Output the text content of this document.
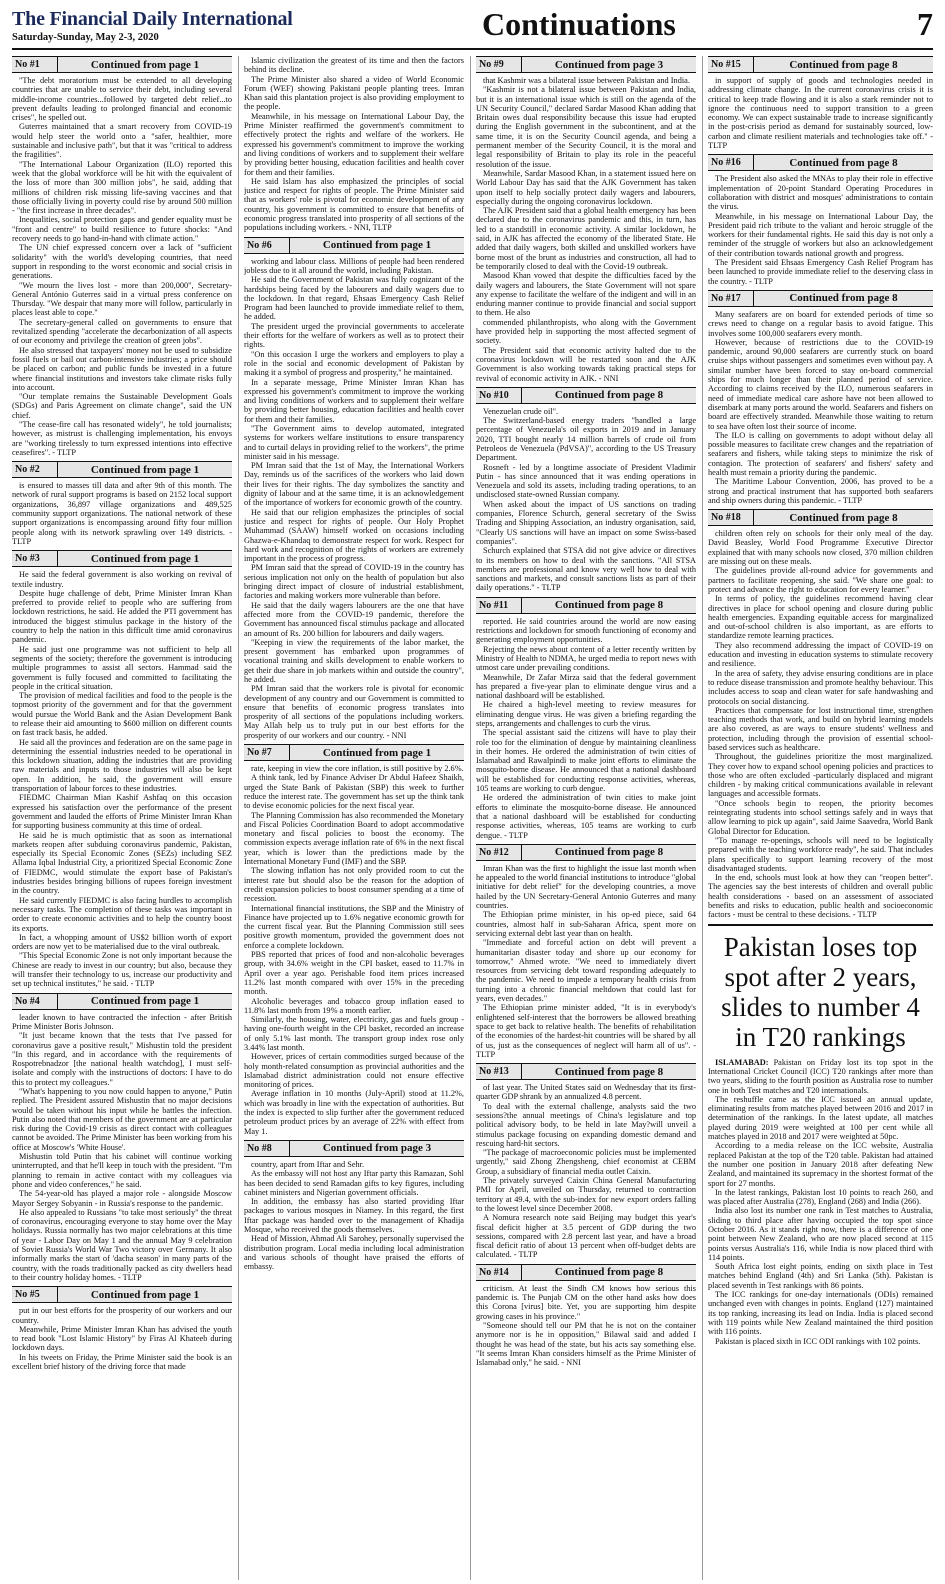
The Financial Daily International
Saturday-Sunday, May 2-3, 2020	Continuations	7
No #1	Continued from page 1

"The debt moratorium must be extended to all developing countries that are unable to service their debt, including several middle-income countries...followed by targeted debt relief...to prevent defaults leading to prolonged financial and economic crises", he spelled out.

Guterres maintained that a smart recovery from COVID-19 would help steer the world onto a "safer, healthier, more sustainable and inclusive path", but that it was "critical to address the fragilities".

"The International Labour Organization (ILO) reported this week that the global workforce will be hit with the equivalent of the loss of more than 300 million jobs", he said, adding that millions of children risk missing life-saving vaccines and that those officially living in poverty could rise by around 500 million - "the first increase in three decades".

Inequalities, social protection gaps and gender equality must be "front and centre" to build resilience to future shocks: "And recovery needs to go hand-in-hand with climate action."

The UN chief expressed concern over a lack of "sufficient solidarity" with the world's developing countries, that need support in responding to the worst economic and social crisis in generations.

"We mourn the lives lost - more than 200,000", Secretary-General António Guterres said in a virtual press conference on Thursday. "We despair that many more will follow, particularly in places least able to cope."

The secretary-general called on governments to ensure that revitalized spending "accelerate the decarbonization of all aspects of our economy and privilege the creation of green jobs".

He also stressed that taxpayers' money not be used to subsidize fossil fuels or bail out carbon-intensive industries; a price should be placed on carbon; and public funds be invested in a future where financial institutions and investors take climate risks fully into account.

"Our template remains the Sustainable Development Goals (SDGs) and Paris Agreement on climate change", said the UN chief.

"The cease-fire call has resonated widely", he told journalists; however, as mistrust is challenging implementation, his envoys are "working tirelessly to turn expressed intentions into effective ceasefires". - TLTP

No #2	Continued from page 1

is ensured to masses till data and after 9th of this month. The network of rural support programs is based on 2152 local support organizations, 36,897 village organizations and 489,525 community support organizations. The national network of these support organizations is encompassing around fifty four million people along with its network sprawling over 149 districts. - TLTP

No #3	Continued from page 1

He said the federal government is also working on revival of textile industry.

Despite huge challenge of debt, Prime Minister Imran Khan preferred to provide relief to people who are suffering from lockdown restrictions, he said. He added the PTI government has introduced the biggest stimulus package in the history of the country to help the nation in this difficult time amid coronavirus pandemic.

He said just one programme was not sufficient to help all segments of the society; therefore the government is introducing multiple programmes to assist all sectors. Hammad said the government is fully focused and committed to facilitating the people in the critical situation.

The provision of medical facilities and food to the people is the topmost priority of the government and for that the government would pursue the World Bank and the Asian Development Bank to release their aid amounting to $600 million on different counts on fast track basis, he added.

He said all the provinces and federation are on the same page in determining the essential industries needed to be operational in this lockdown situation, adding the industries that are providing raw materials and inputs to those industries will also be kept open. In addition, he said, the government will ensure transportation of labour forces to these industries.

FIEDMC Chairman Mian Kashif Ashfaq on this occasion expressed his satisfaction over the performance of the present government and lauded the efforts of Prime Minister Imran Khan for supporting business community at this time of ordeal.

He said he is much optimistic that as soon as international markets reopen after subduing coronavirus pandemic, Pakistan, especially its Special Economic Zones (SEZs) including SEZ Allama Iqbal Industrial City, a prioritized Special Economic Zone of FIEDMC, would stimulate the export base of Pakistan's industries besides bringing billions of rupees foreign investment in the country.

He said currently FIEDMC is also facing hurdles to accomplish necessary tasks. The completion of these tasks was important in order to create economic activities and to help the country boost its exports.

In fact, a whopping amount of US$2 billion worth of export orders are now yet to be materialised due to the viral outbreak.

"This Special Economic Zone is not only important because the Chinese are ready to invest in our country; but also, because they will transfer their technology to us, increase our productivity and set up technical institutes," he said. - TLTP

No #4	Continued from page 1

leader known to have contracted the infection - after British Prime Minister Boris Johnson.

"It just became known that the tests that I've passed for coronavirus gave a positive result," Mishustin told the president "In this regard, and in accordance with the requirements of Rospotrebnadzor [the national health watchdog], I must self-isolate and comply with the instructions of doctors: I have to do this to protect my colleagues."

"What's happening to you now could happen to anyone," Putin replied. The President assured Mishustin that no major decisions would be taken without his input while he battles the infection. Putin also noted that members of the government are at particular risk during the Covid-19 crisis as direct contact with colleagues cannot be avoided. The Prime Minister has been working from his office at Moscow's 'White House'.

Mishustin told Putin that his cabinet will continue working uninterrupted, and that he'll keep in touch with the president. "I'm planning to remain in active contact with my colleagues via phone and video conferences," he said.

The 54-year-old has played a major role - alongside Moscow Mayor Sergey Sobyanin - in Russia's response to the pandemic.

He also appealed to Russians "to take most seriously" the threat of coronavirus, encouraging everyone to stay home over the May holidays. Russia normally has two major celebrations at this time of year - Labor Day on May 1 and the annual May 9 celebration of Soviet Russia's World War Two victory over Germany. It also informally marks the start of 'dacha season' in many parts of the country, with the roads traditionally packed as city dwellers head to their country holiday homes. - TLTP

No #5	Continued from page 1

put in our best efforts for the prosperity of our workers and our country.

Meanwhile, Prime Minister Imran Khan has advised the youth to read book "Lost Islamic History" by Firas Al Khateeb during lockdown days.

In his tweets on Friday, the Prime Minister said the book is an excellent brief history of the driving force that made

Islamic civilization the greatest of its time and then the factors behind its decline.

The Prime Minister also shared a video of World Economic Forum (WEF) showing Pakistani people planting trees. Imran Khan said this plantation project is also providing employment to the people.

Meanwhile, in his message on International Labour Day, the Prime Minister reaffirmed the government's commitment to effectively protect the rights and welfare of the workers. He expressed his government's commitment to improve the working and living conditions of workers and to supplement their welfare by providing better housing, education facilities and health cover for them and their families.

He said Islam has also emphasized the principles of social justice and respect for rights of people. The Prime Minister said that as workers' role is pivotal for economic development of any country, his government is committed to ensure that benefits of economic progress translated into prosperity of all sections of the populations including workers. - NNI, TLTP

No #6	Continued from page 1

working and labour class. Millions of people had been rendered jobless due to it all around the world, including Pakistan.

He said the Government of Pakistan was fully cognizant of the hardships being faced by the labourers and daily wagers due to the lockdown. In that regard, Ehsaas Emergency Cash Relief Program had been launched to provide immediate relief to them, he added.

The president urged the provincial governments to accelerate their efforts for the welfare of workers as well as to protect their rights.

"On this occasion I urge the workers and employers to play a role in the social and economic development of Pakistan by making it a symbol of progress and prosperity," he maintained.

In a separate message, Prime Minister Imran Khan has expressed his government's commitment to improve the working and living conditions of workers and to supplement their welfare by providing better housing, education facilities and health cover for them and their families.

"The Government aims to develop automated, integrated systems for workers welfare institutions to ensure transparency and to curtail delays in providing relief to the workers", the prime minister said in his message.

PM Imran said that the 1st of May, the International Workers Day, reminds us of the sacrifices of the workers who laid down their lives for their rights. The day symbolizes the sanctity and dignity of labour and at the same time, it is an acknowledgement of the importance of workers for economic growth of the country.

He said that our religion emphasizes the principles of social justice and respect for rights of people. Our Holy Prophet Muhammad (SAAW) himself worked on occasions including Ghazwa-e-Khandaq to demonstrate respect for work. Respect for hard work and recognition of the rights of workers are extremely important in the process of progress.

PM Imran said that the spread of COVID-19 in the country has serious implication not only on the health of population but also bringing direct impact of closure of industrial establishment, factories and making workers more vulnerable than before.

He said that the daily wagers labourers are the one that have affected more from the COVID-19 pandemic, therefore the Government has announced fiscal stimulus package and allocated an amount of Rs. 200 billion for labourers and daily wagers.

"Keeping in view the requirements of the labor market, the present government has embarked upon programmes of vocational training and skills development to enable workers to get their due share in job markets within and outside the country", he added.

PM Imran said that the workers role is pivotal for economic development of any country and our Government is committed to ensure that benefits of economic progress translates into prosperity of all sections of the populations including workers. May Allah help us to truly put in our best efforts for the prosperity of our workers and our country. - NNI

No #7	Continued from page 1

rate, keeping in view the core inflation, is still positive by 2.6%.

A think tank, led by Finance Adviser Dr Abdul Hafeez Shaikh, urged the State Bank of Pakistan (SBP) this week to further reduce the interest rate. The government has set up the think tank to devise economic policies for the next fiscal year.

The Planning Commission has also recommended the Monetary and Fiscal Policies Coordination Board to adopt accommodative monetary and fiscal policies to boost the economy. The commission expects average inflation rate of 6% in the next fiscal year, which is lower than the predictions made by the International Monetary Fund (IMF) and the SBP.

The slowing inflation has not only provided room to cut the interest rate but should also be the reason for the adoption of credit expansion policies to boost consumer spending at a time of recession.

International financial institutions, the SBP and the Ministry of Finance have projected up to 1.6% negative economic growth for the current fiscal year. But the Planning Commission still sees positive growth momentum, provided the government does not enforce a complete lockdown.

PBS reported that prices of food and non-alcoholic beverages group, with 34.6% weight in the CPI basket, eased to 11.7% in April over a year ago. Perishable food item prices increased 11.2% last month compared with over 15% in the preceding month.

Alcoholic beverages and tobacco group inflation eased to 11.8% last month from 19% a month earlier.

Similarly, the housing, water, electricity, gas and fuels group - having one-fourth weight in the CPI basket, recorded an increase of only 5.1% last month. The transport group index rose only 3.44% last month.

However, prices of certain commodities surged because of the holy month-related consumption as provincial authorities and the Islamabad district administration could not ensure effective monitoring of prices.

Average inflation in 10 months (July-April) stood at 11.2%, which was broadly in line with the expectation of authorities. But the index is expected to slip further after the government reduced petroleum product prices by an average of 22% with effect from May 1.

No #8	Continued from page 3

country, apart from Iftar and Sehr.

As the embassy will not host any Iftar party this Ramazan, Sohl has been decided to send Ramadan gifts to key figures, including cabinet ministers and Nigerian government officials.

In addition, the embassy has also started providing Iftar packages to various mosques in Niamey. In this regard, the first Iftar package was handed over to the management of Khadija Mosque, who received the goods themselves.

Head of Mission, Ahmad Ali Sarohey, personally supervised the distribution program. Local media including local administration and various schools of thought have praised the efforts of embassy.

No #9	Continued from page 3

that Kashmir was a bilateral issue between Pakistan and India.

"Kashmir is not a bilateral issue between Pakistan and India, but it is an international issue which is still on the agenda of the UN Security Council," declared Sardar Masood Khan adding that Britain owes dual responsibility because this issue had erupted during the English government in the subcontinent, and at the same time, it is on the Security Council agenda, and being a permanent member of the Security Council, it is the moral and legal responsibility of Britain to play its role in the peaceful resolution of the issue.

Meanwhile, Sardar Masood Khan, in a statement issued here on World Labour Day has said that the AJK Government has taken upon itself to help socially protect daily wagers and labourers, especially during the ongoing coronavirus lockdown.

The AJK President said that a global health emergency has been declared due to the coronavirus pandemic and this, in turn, has led to a standstill in economic activity. A similar lockdown, he said, in AJK has affected the economy of the liberated State. He added that daily wagers, both skilled and unskilled workers have borne most of the brunt as industries and construction, all had to be temporarily closed to deal with the Covid-19 outbreak.

Masood Khan vowed that despite the difficulties faced by the daily wagers and labourers, the State Government will not spare any expense to facilitate the welfare of the indigent and will in an enduring manner continue to provide financial and social support to them. He also

commended philanthropists, who along with the Government have provided help in supporting the most affected segment of society.

The President said that economic activity halted due to the coronavirus lockdown will be restarted soon and the AJK Government is also working towards taking practical steps for revival of economic activity in AJK. - NNI

No #10	Continued from page 8

Venezuelan crude oil".

The Switzerland-based energy traders "handled a large percentage of Venezuela's oil exports in 2019 and in January 2020, TTI bought nearly 14 million barrels of crude oil from Petroleos de Venezuela (PdVSA)", according to the US Treasury Department.

Rosneft - led by a longtime associate of President Vladimir Putin - has since announced that it was ending operations in Venezuela and sold its assets, including trading operations, to an undisclosed state-owned Russian company.

When asked about the impact of US sanctions on trading companies, Florence Schurch, general secretary of the Swiss Trading and Shipping Association, an industry organisation, said, "Clearly US sanctions will have an impact on some Swiss-based companies".

Schurch explained that STSA did not give advice or directives to its members on how to deal with the sanctions. "All STSA members are professional and know very well how to deal with sanctions and markets, and consult sanctions lists as part of their daily operations." - TLTP

No #11	Continued from page 8

reported. He said countries around the world are now easing restrictions and lockdown for smooth functioning of economy and generating employment opportunities.

Rejecting the news about content of a letter recently written by Ministry of Health to NDMA, he urged media to report news with utmost care under prevailing conditions.

Meanwhile, Dr Zafar Mirza said that the federal government has prepared a five-year plan to eliminate dengue virus and a national dashboard will be established.

He chaired a high-level meeting to review measures for eliminating dengue virus. He was given a briefing regarding the steps, arrangements and challenges to curb the virus.

The special assistant said the citizens will have to play their role too for the elimination of dengue by maintaining cleanliness in their homes. He ordered the administration of twin cities of Islamabad and Rawalpindi to make joint efforts to eliminate the mosquito-borne disease. He announced that a national dashboard will be established for conducting response activities, whereas, 105 teams are working to curb dengue.

He ordered the administration of twin cities to make joint efforts to eliminate the mosquito-borne disease. He announced that a national dashboard will be established for conducting response activities, whereas, 105 teams are working to curb dengue. - TLTP

No #12	Continued from page 8

Imran Khan was the first to highlight the issue last month when he appealed to the world financial institutions to introduce "global initiative for debt relief" for the developing countries, a move hailed by the UN Secretary-General Antonio Guterres and many countries.

The Ethiopian prime minister, in his op-ed piece, said 64 countries, almost half in sub-Saharan Africa, spent more on servicing external debt last year than on health.

"Immediate and forceful action on debt will prevent a humanitarian disaster today and shore up our economy for tomorrow," Ahmed wrote. "We need to immediately divert resources from servicing debt toward responding adequately to the pandemic. We need to impede a temporary health crisis from turning into a chronic financial meltdown that could last for years, even decades."

The Ethiopian prime minister added, "It is in everybody's enlightened self-interest that the borrowers be allowed breathing space to get back to relative health. The benefits of rehabilitation of the economies of the hardest-hit countries will be shared by all of us, just as the consequences of neglect will harm all of us". - TLTP

No #13	Continued from page 8

of last year. The United States said on Wednesday that its first-quarter GDP shrank by an annualized 4.8 percent.

To deal with the external challenge, analysts said the two sessions?the annual meetings of China's legislature and top political advisory body, to be held in late May?will unveil a stimulus package focusing on expanding domestic demand and rescuing hard-hit sectors.

"The package of macroeconomic policies must be implemented urgently," said Zhong Zhengsheng, chief economist at CEBM Group, a subsidiary of financial media outlet Caixin.

The privately surveyed Caixin China General Manufacturing PMI for April, unveiled on Thursday, returned to contraction territory at 49.4, with the sub-index for new export orders falling to the lowest level since December 2008.

A Nomura research note said Beijing may budget this year's fiscal deficit higher at 3.5 percent of GDP during the two sessions, compared with 2.8 percent last year, and have a broad fiscal deficit ratio of about 13 percent when off-budget debts are calculated. - TLTP

No #14	Continued from page 8

criticism. At least the Sindh CM knows how serious this pandemic is. The Punjab CM on the other hand asks how does this Corona [virus] bite. Yet, you are supporting him despite growing cases in his province."

"Someone should tell our PM that he is not on the container anymore nor is he in opposition," Bilawal said and added I thought he was head of the state, but his acts say something else. "It seems Imran Khan considers himself as the Prime Minister of Islamabad only," he said. - NNI

No #15	Continued from page 8

in support of supply of goods and technologies needed in addressing climate change. In the current coronavirus crisis it is critical to keep trade flowing and it is also a stark reminder not to ignore the continuous need to support transition to a green economy. We can expect sustainable trade to increase significantly in the post-crisis period as demand for sustainably sourced, low-carbon and climate resilient materials and technologies take off." - TLTP

No #16	Continued from page 8

The President also asked the MNAs to play their role in effective implementation of 20-point Standard Operating Procedures in collaboration with district and mosques' administrations to contain the virus.

Meanwhile, in his message on International Labour Day, the President paid rich tribute to the valiant and heroic struggle of the workers for their fundamental rights. He said this day is not only a reminder of the struggle of workers but also an acknowledgement of their contribution towards national growth and progress.

The President said Ehsaas Emergency Cash Relief Program has been launched to provide immediate relief to the deserving class in the country. - TLTP

No #17	Continued from page 8

Many seafarers are on board for extended periods of time so crews need to change on a regular basis to avoid fatigue. This involves some 100,000 seafarers every month.

However, because of restrictions due to the COVID-19 pandemic, around 90,000 seafarers are currently stuck on board cruise ships without passengers and sometimes even without pay. A similar number have been forced to stay on-board commercial ships for much longer than their planned period of service. According to claims received by the ILO, numerous seafarers in need of immediate medical care ashore have not been allowed to disembark at many ports around the world. Seafarers and fishers on board are effectively stranded. Meanwhile those waiting to return to sea have often lost their source of income.

The ILO is calling on governments to adopt without delay all possible measures to facilitate crew changes and the repatriation of seafarers and fishers, while taking steps to minimize the risk of contagion. The protection of seafarers' and fishers' safety and health must remain a priority during the pandemic.

The Maritime Labour Convention, 2006, has proved to be a strong and practical instrument that has supported both seafarers and ship owners during this pandemic. - TLTP

No #18	Continued from page 8

children often rely on schools for their only meal of the day. David Beasley, World Food Programme Executive Director explained that with many schools now closed, 370 million children are missing out on these meals.

The guidelines provide all-round advice for governments and partners to facilitate reopening, she said. "We share one goal: to protect and advance the right to education for every learner."

In terms of policy, the guidelines recommend having clear directives in place for school opening and closure during public health emergencies. Expanding equitable access for marginalized and out-of-school children is also important, as are efforts to standardize remote learning practices.

They also recommend addressing the impact of COVID-19 on education and investing in education systems to stimulate recovery and resilience.

In the area of safety, they advise ensuring conditions are in place to reduce disease transmission and promote healthy behaviour. This includes access to soap and clean water for safe handwashing and protocols on social distancing.

Practices that compensate for lost instructional time, strengthen teaching methods that work, and build on hybrid learning models are also covered, as are ways to ensure students' wellness and protection, including through the provision of essential school-based services such as healthcare.

Throughout, the guidelines prioritize the most marginalized. They cover how to expand school opening policies and practices to those who are often excluded -particularly displaced and migrant children - by making critical communications available in relevant languages and accessible formats.

"Once schools begin to reopen, the priority becomes reintegrating students into school settings safely and in ways that allow learning to pick up again", said Jaime Saavedra, World Bank Global Director for Education.

"To manage re-openings, schools will need to be logistically prepared with the teaching workforce ready", he said. That includes plans specifically to support learning recovery of the most disadvantaged students.

In the end, schools must look at how they can "reopen better". The agencies say the best interests of children and overall public health considerations - based on an assessment of associated benefits and risks to education, public health and socioeconomic factors - must be central to these decisions. - TLTP

Pakistan loses top spot after 2 years, slides to number 4 in T20 rankings

ISLAMABAD: Pakistan on Friday lost its top spot in the International Cricket Council (ICC) T20 rankings after more than two years, sliding to the fourth position as Australia rose to number one in both Test matches and T20 internationals.

The reshuffle came as the ICC issued an annual update, eliminating results from matches played between 2016 and 2017 in determination of the rankings. In the latest update, all matches played during 2019 were weighted at 100 per cent while all matches played in 2018 and 2017 were weighted at 50pc.

According to a media release on the ICC website, Australia replaced Pakistan at the top of the T20 table. Pakistan had attained the number one position in January 2018 after defeating New Zealand, and maintained its supremacy in the shortest format of the sport for 27 months.

In the latest rankings, Pakistan lost 10 points to reach 260, and was placed after Australia (278), England (268) and India (266).

India also lost its number one rank in Test matches to Australia, sliding to third place after having occupied the top spot since October 2016. As it stands right now, there is a difference of one point between New Zealand, who are now placed second at 115 points versus Australia's 116, while India is now placed third with 114 points.

South Africa lost eight points, ending on sixth place in Test matches behind England (4th) and Sri Lanka (5th). Pakistan is placed seventh in Test rankings with 86 points.

The ICC rankings for one-day internationals (ODIs) remained unchanged even with changes in points. England (127) maintained its top ranking, increasing its lead on India. India is placed second with 119 points while New Zealand maintained the third position with 116 points.

Pakistan is placed sixth in ICC ODI rankings with 102 points.
